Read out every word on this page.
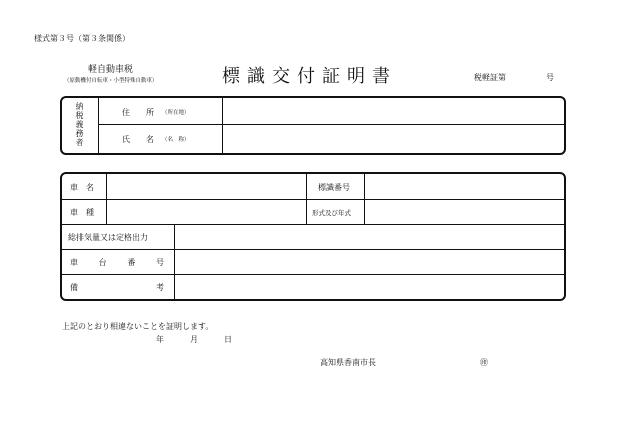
様式第３号（第３条関係）
軽自動車税
（原動機付自転車・小型特殊自動車）	標識交付証明書	税軽証第	号
納税義務者	住　　所 （所在地）
氏　　名 （名　称）
車　名	標識番号
車　種	形式及び年式
総排気量又は定格出力
車	台	番	号
備	考
上記のとおり相違ないことを証明します。
年	月	日
高知県香南市長	㊞
